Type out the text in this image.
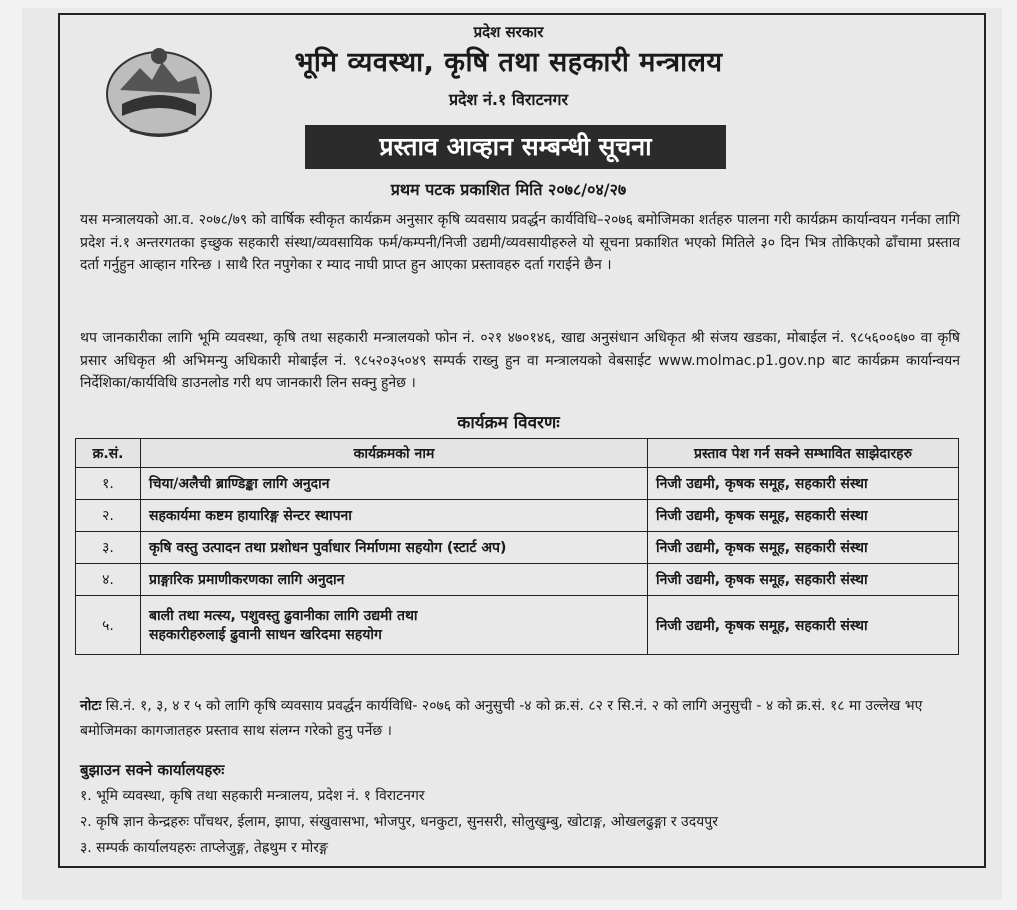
प्रदेश सरकार
भूमि व्यवस्था, कृषि तथा सहकारी मन्त्रालय
प्रदेश नं.१ विराटनगर
प्रस्ताव आव्हान सम्बन्धी सूचना
प्रथम पटक प्रकाशित मिति २०७८/०४/२७
यस मन्त्रालयको आ.व. २०७८/७९ को वार्षिक स्वीकृत कार्यक्रम अनुसार कृषि व्यवसाय प्रवर्द्धन कार्यविधि–२०७६ बमोजिमका शर्तहरु पालना गरी कार्यक्रम कार्यान्वयन गर्नका लागि प्रदेश नं.१ अन्तरगतका इच्छुक सहकारी संस्था/व्यवसायिक फर्म/कम्पनी/निजी उद्यमी/व्यवसायीहरुले यो सूचना प्रकाशित भएको मितिले ३० दिन भित्र तोकिएको ढाँचामा प्रस्ताव दर्ता गर्नुहुन आव्हान गरिन्छ । साथै रित नपुगेका र म्याद नाघी प्राप्त हुन आएका प्रस्तावहरु दर्ता गराईने छैन ।
थप जानकारीका लागि भूमि व्यवस्था, कृषि तथा सहकारी मन्त्रालयको फोन नं. ०२१ ४७०१४६, खाद्य अनुसंधान अधिकृत श्री संजय खडका, मोबाईल नं. ९८५६००६७० वा कृषि प्रसार अधिकृत श्री अभिमन्यु अधिकारी मोबाईल नं. ९८५२०३५०४९ सम्पर्क राख्नु हुन वा मन्त्रालयको वेबसाईट www.molmac.p1.gov.np बाट कार्यक्रम कार्यान्वयन निर्देशिका/कार्यविधि डाउनलोड गरी थप जानकारी लिन सक्नु हुनेछ ।
कार्यक्रम विवरणः
क्र.सं.	कार्यक्रमको नाम	प्रस्ताव पेश गर्न सक्ने सम्भावित साझेदारहरु
१.	चिया/अलैची ब्राण्डिङ्का लागि अनुदान	निजी उद्यमी, कृषक समूह, सहकारी संस्था
२.	सहकार्यमा कष्टम हायारिङ्ग सेन्टर स्थापना	निजी उद्यमी, कृषक समूह, सहकारी संस्था
३.	कृषि वस्तु उत्पादन तथा प्रशोधन पुर्वाधार निर्माणमा सहयोग (स्टार्ट अप)	निजी उद्यमी, कृषक समूह, सहकारी संस्था
४.	प्राङ्गारिक प्रमाणीकरणका लागि अनुदान	निजी उद्यमी, कृषक समूह, सहकारी संस्था
५.	बाली तथा मत्स्य, पशुवस्तु ढुवानीका लागि उद्यमी तथा
सहकारीहरुलाई ढुवानी साधन खरिदमा सहयोग	निजी उद्यमी, कृषक समूह, सहकारी संस्था
नोटः सि.नं. १, ३, ४ र ५ को लागि कृषि व्यवसाय प्रवर्द्धन कार्यविधि- २०७६ को अनुसुची -४ को क्र.सं. ८२ र सि.नं. २ को लागि अनुसुची - ४ को क्र.सं. १८ मा उल्लेख भए बमोजिमका कागजातहरु प्रस्ताव साथ संलग्न गरेको हुनु पर्नेछ ।
बुझाउन सक्ने कार्यालयहरुः
१. भूमि व्यवस्था, कृषि तथा सहकारी मन्त्रालय, प्रदेश नं. १ विराटनगर
२. कृषि ज्ञान केन्द्रहरुः पाँचथर, ईलाम, झापा, संखुवासभा, भोजपुर, धनकुटा, सुनसरी, सोलुखुम्बु, खोटाङ्ग, ओखलढुङ्गा र उदयपुर
३. सम्पर्क कार्यालयहरुः ताप्लेजुङ्ग, तेह्रथुम र मोरङ्ग
